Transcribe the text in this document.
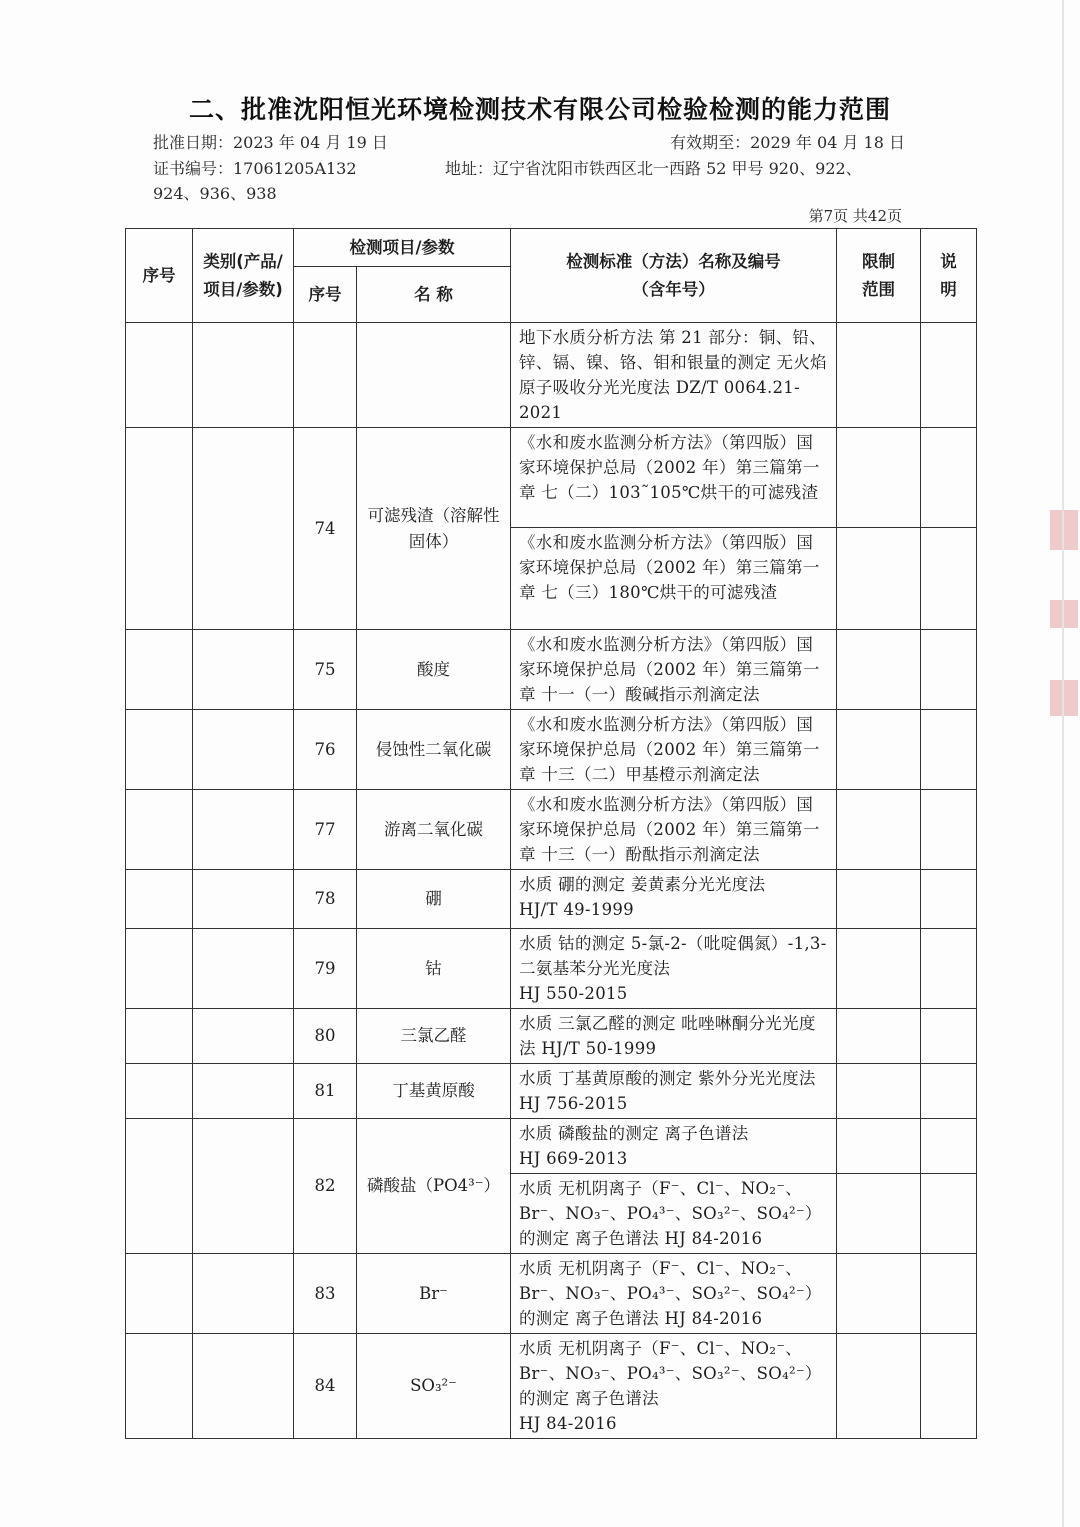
二、批准沈阳恒光环境检测技术有限公司检验检测的能力范围
批准日期：2023 年 04 月 19 日	有效期至：2029 年 04 月 18 日
证书编号：17061205A132	地址：辽宁省沈阳市铁西区北一西路 52 甲号 920、922、
924、936、938
第7页 共42页
序号	类别(产品/项目/参数)	检测项目/参数		检测标准（方法）名称及编号（含年号）	限制范围	说明
		序号	名 称			
				地下水质分析方法 第 21 部分：铜、铅、锌、镉、镍、铬、钼和银量的测定 无火焰原子吸收分光光度法 DZ/T 0064.21-2021		
		74	可滤残渣（溶解性固体）	《水和废水监测分析方法》（第四版）国家环境保护总局（2002 年）第三篇第一章 七（二）103˜105℃烘干的可滤残渣		
				《水和废水监测分析方法》（第四版）国家环境保护总局（2002 年）第三篇第一章 七（三）180℃烘干的可滤残渣		
		75	酸度	《水和废水监测分析方法》（第四版）国家环境保护总局（2002 年）第三篇第一章 十一（一）酸碱指示剂滴定法		
		76	侵蚀性二氧化碳	《水和废水监测分析方法》（第四版）国家环境保护总局（2002 年）第三篇第一章 十三（二）甲基橙示剂滴定法		
		77	游离二氧化碳	《水和废水监测分析方法》（第四版）国家环境保护总局（2002 年）第三篇第一章 十三（一）酚酞指示剂滴定法		
		78	硼	水质 硼的测定 姜黄素分光光度法
HJ/T 49-1999		

		79	钴	水质 钴的测定 5-氯-2-（吡啶偶氮）-1,3-二氨基苯分光光度法
HJ 550-2015		

		80	三氯乙醛	水质 三氯乙醛的测定 吡唑啉酮分光光度法 HJ/T 50-1999		
		81	丁基黄原酸	水质 丁基黄原酸的测定 紫外分光光度法 HJ 756-2015		
		82	磷酸盐（PO4³⁻）	水质 磷酸盐的测定 离子色谱法
HJ 669-2013		

				水质 无机阴离子（F⁻、Cl⁻、NO₂⁻、Br⁻、NO₃⁻、PO₄³⁻、SO₃²⁻、SO₄²⁻）的测定 离子色谱法 HJ 84-2016		
		83	Br⁻	水质 无机阴离子（F⁻、Cl⁻、NO₂⁻、Br⁻、NO₃⁻、PO₄³⁻、SO₃²⁻、SO₄²⁻）的测定 离子色谱法 HJ 84-2016		
		84	SO₃²⁻	水质 无机阴离子（F⁻、Cl⁻、NO₂⁻、Br⁻、NO₃⁻、PO₄³⁻、SO₃²⁻、SO₄²⁻）的测定 离子色谱法
HJ 84-2016		
